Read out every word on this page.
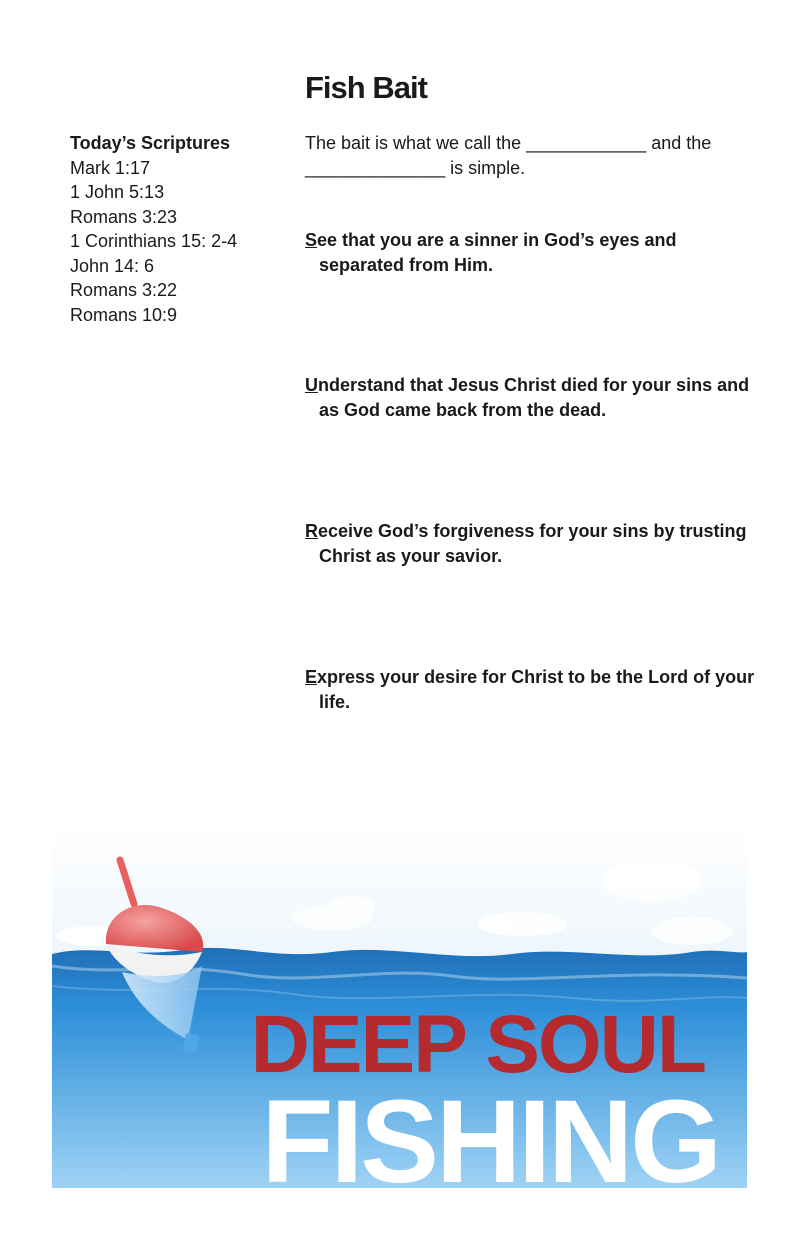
Fish Bait
Today’s Scriptures
Mark 1:17
1 John 5:13
Romans 3:23
1 Corinthians 15: 2-4
John 14: 6
Romans 3:22
Romans 10:9

The bait is what we call the ____________ and the
______________ is simple.

See that you are a sinner in God’s eyes and separated from Him.

Understand that Jesus Christ died for your sins and as God came back from the dead.

Receive God’s forgiveness for your sins by trusting Christ as your savior.

Express your desire for Christ to be the Lord of your life.

DEEP SOUL

FISHING
